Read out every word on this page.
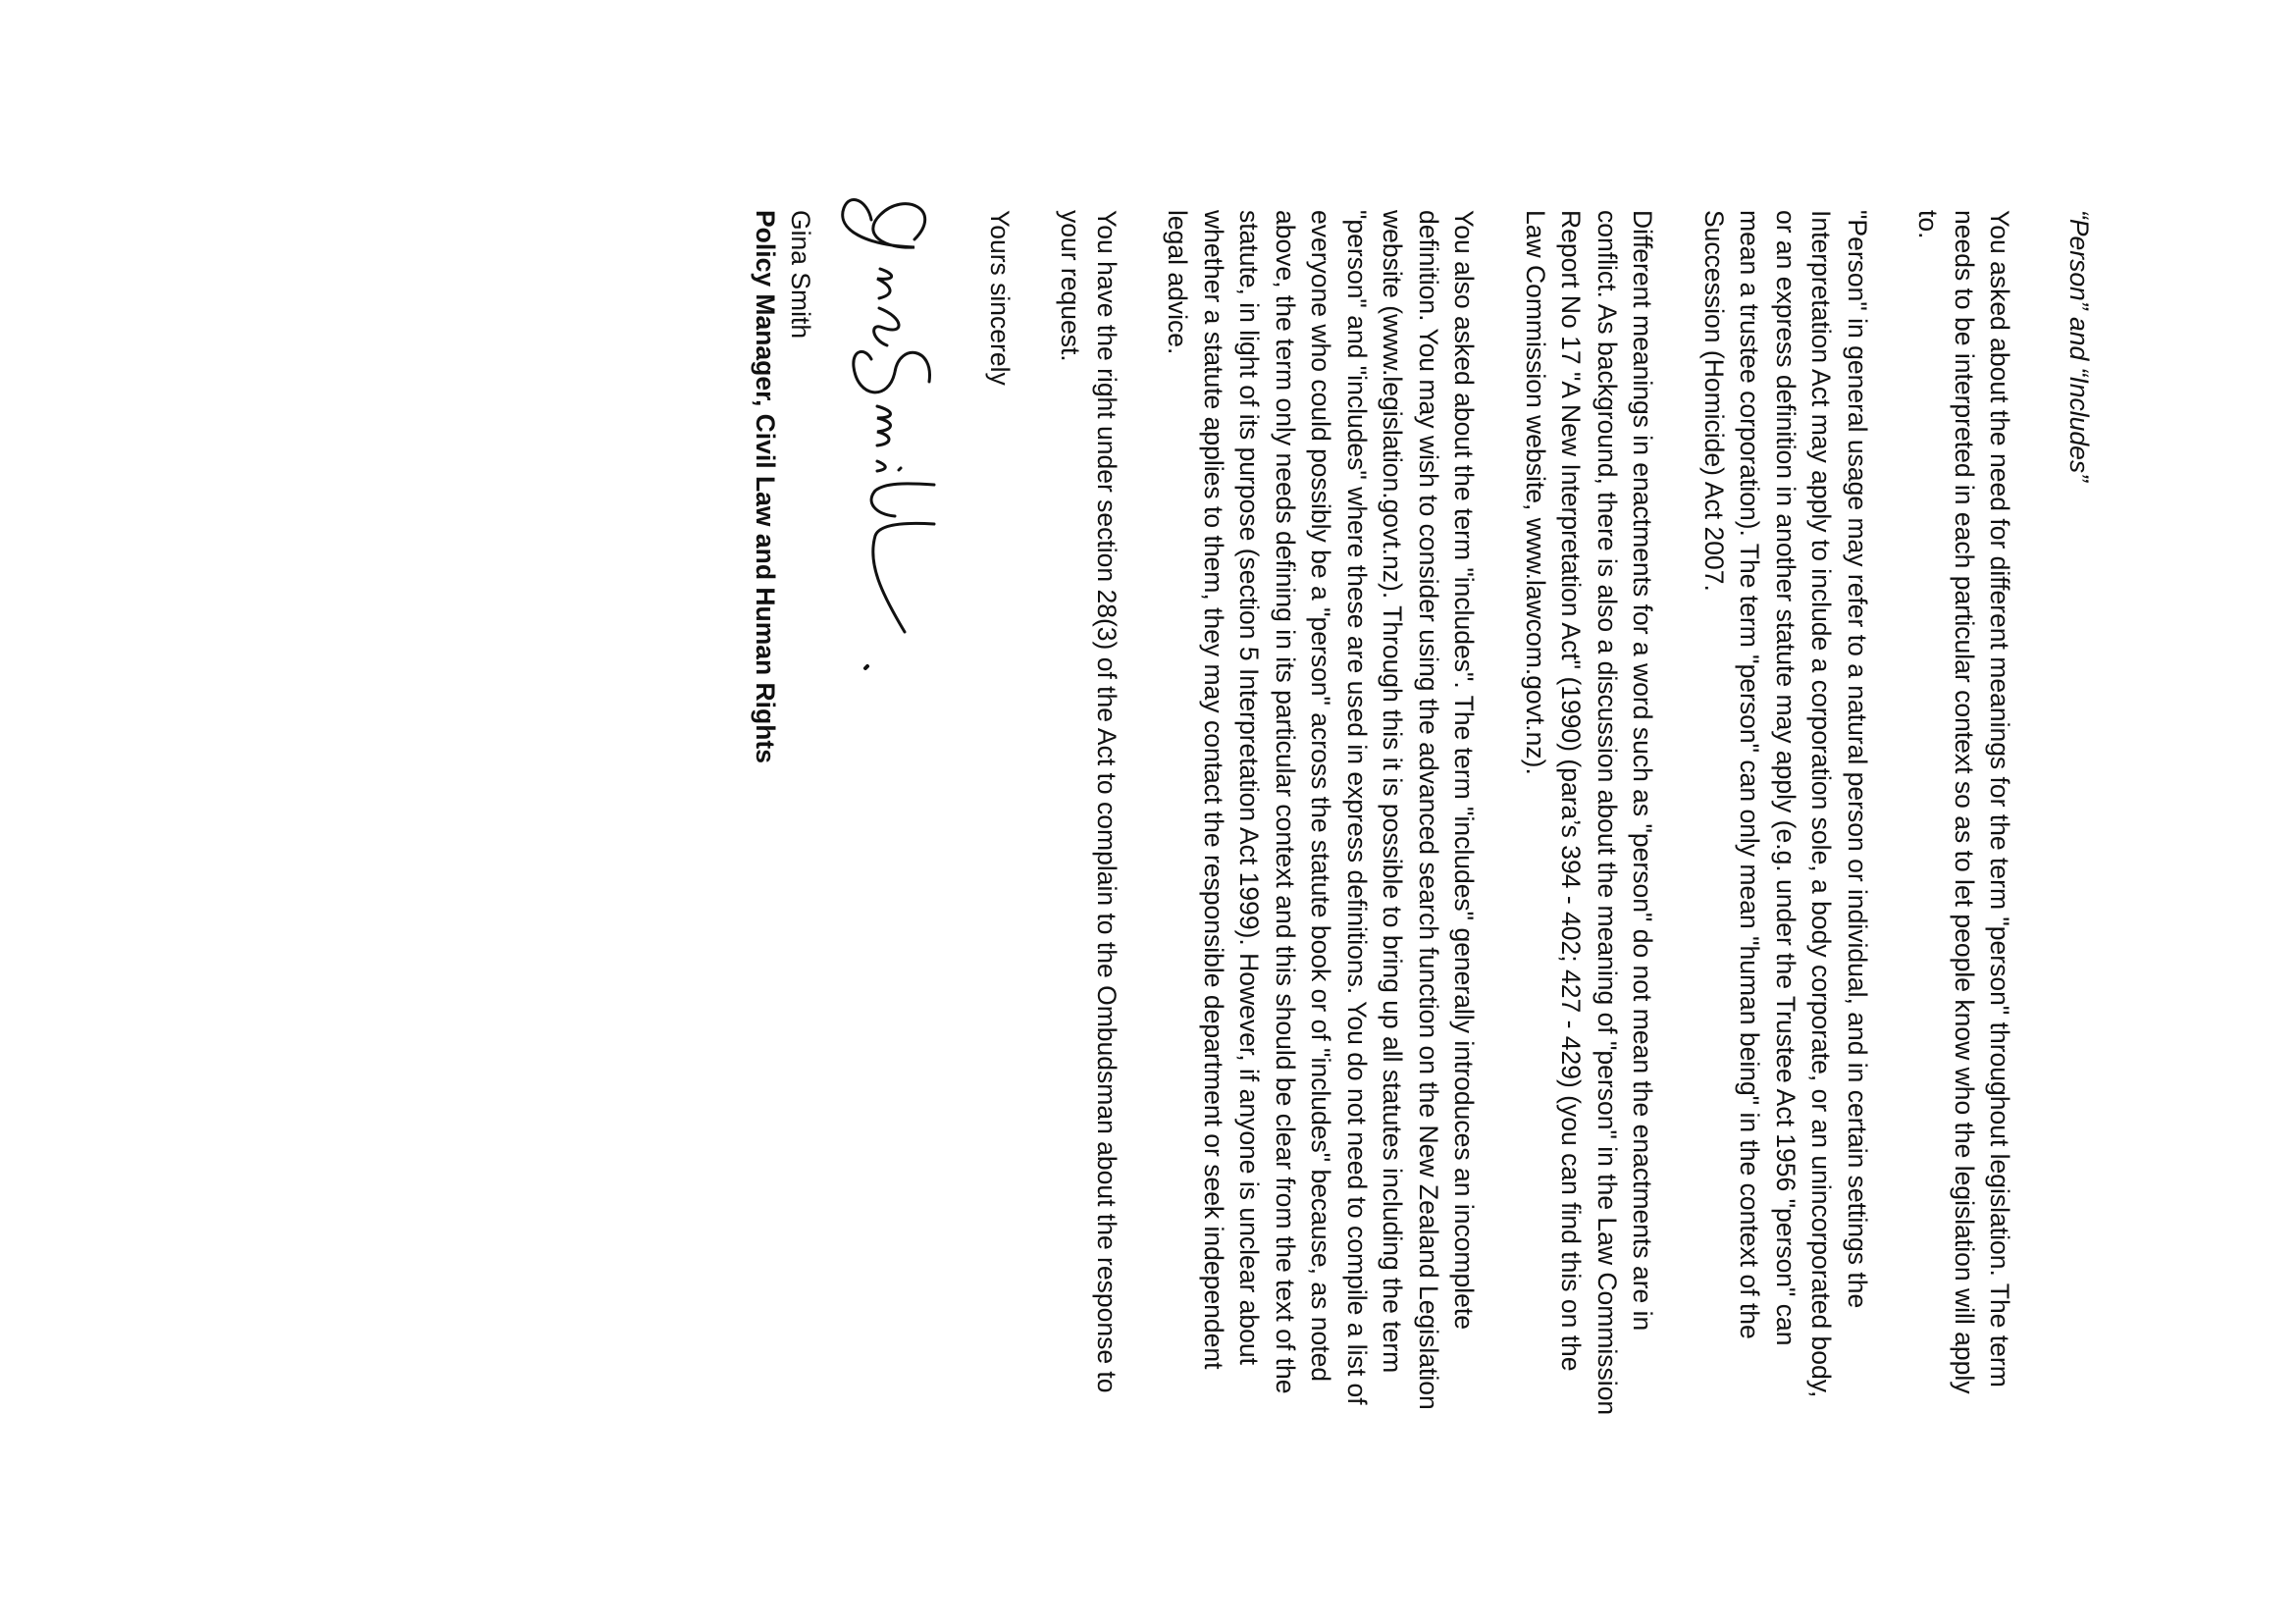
“Person” and “Includes”

You asked about the need for different meanings for the term "person" throughout legislation. The term needs to be interpreted in each particular context so as to let people know who the legislation will apply to.

"Person" in general usage may refer to a natural person or individual, and in certain settings the Interpretation Act may apply to include a corporation sole, a body corporate, or an unincorporated body, or an express definition in another statute may apply (e.g. under the Trustee Act 1956 "person" can mean a trustee corporation). The term "person" can only mean "human being" in the context of the Succession (Homicide) Act 2007.

Different meanings in enactments for a word such as "person" do not mean the enactments are in conflict. As background, there is also a discussion about the meaning of "person" in the Law Commission Report No 17 "A New Interpretation Act" (1990) (para’s 394 - 402; 427 - 429) (you can find this on the Law Commission website, www.lawcom.govt.nz).

You also asked about the term "includes". The term "includes" generally introduces an incomplete definition. You may wish to consider using the advanced search function on the New Zealand Legislation website (www.legislation.govt.nz). Through this it is possible to bring up all statutes including the term "person" and "includes" where these are used in express definitions. You do not need to compile a list of everyone who could possibly be a "person" across the statute book or of "includes" because, as noted above, the term only needs defining in its particular context and this should be clear from the text of the statute, in light of its purpose (section 5 Interpretation Act 1999). However, if anyone is unclear about whether a statute applies to them, they may contact the responsible department or seek independent legal advice.

You have the right under section 28(3) of the Act to complain to the Ombudsman about the response to your request.

Yours sincerely

Gina Smith

Policy Manager, Civil Law and Human Rights
